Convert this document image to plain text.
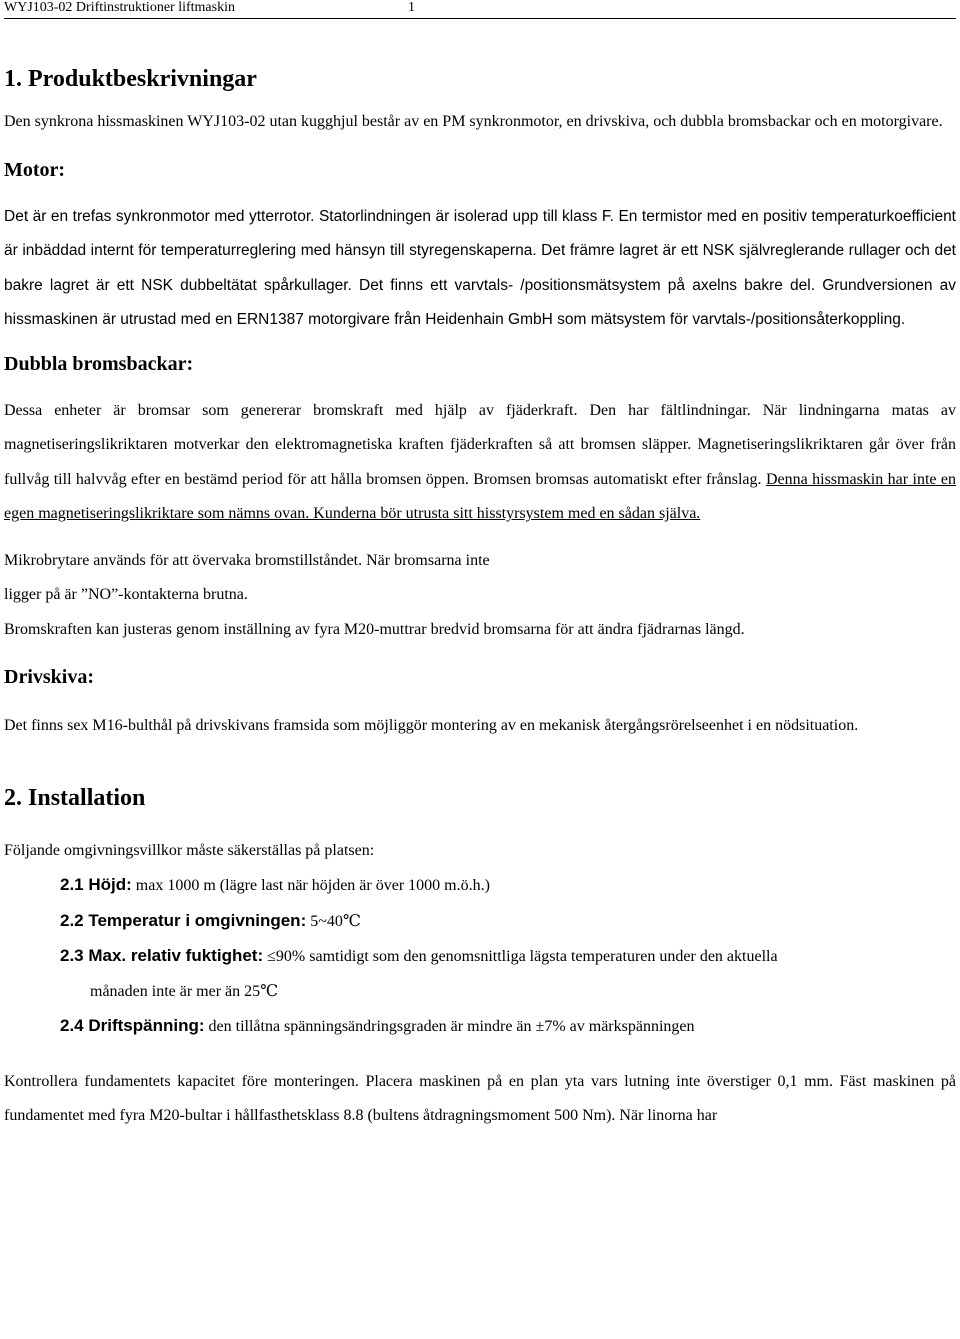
WYJ103-02 Driftinstruktioner liftmaskin	1
1. Produktbeskrivningar

Den synkrona hissmaskinen WYJ103-02 utan kugghjul består av en PM synkronmotor, en drivskiva, och dubbla bromsbackar och en motorgivare.

Motor:

Det är en trefas synkronmotor med ytterrotor. Statorlindningen är isolerad upp till klass F. En termistor med en positiv temperaturkoefficient är inbäddad internt för temperaturreglering med hänsyn till styregenskaperna. Det främre lagret är ett NSK självreglerande rullager och det bakre lagret är ett NSK dubbeltätat spårkullager. Det finns ett varvtals- /positionsmätsystem på axelns bakre del. Grundversionen av hissmaskinen är utrustad med en ERN1387 motorgivare från Heidenhain GmbH som mätsystem för varvtals-/positionsåterkoppling.

Dubbla bromsbackar:

Dessa enheter är bromsar som genererar bromskraft med hjälp av fjäderkraft. Den har fältlindningar. När lindningarna matas av magnetiseringslikriktaren motverkar den elektromagnetiska kraften fjäderkraften så att bromsen släpper. Magnetiseringslikriktaren går över från fullvåg till halvvåg efter en bestämd period för att hålla bromsen öppen. Bromsen bromsas automatiskt efter frånslag. Denna hissmaskin har inte en egen magnetiseringslikriktare som nämns ovan. Kunderna bör utrusta sitt hisstyrsystem med en sådan själva.

Mikrobrytare används för att övervaka bromstillståndet. När bromsarna inte

ligger på är ”NO”-kontakterna brutna.

Bromskraften kan justeras genom inställning av fyra M20-muttrar bredvid bromsarna för att ändra fjädrarnas längd.

Drivskiva:

Det finns sex M16-bulthål på drivskivans framsida som möjliggör montering av en mekanisk återgångsrörelseenhet i en nödsituation.

2. Installation

Följande omgivningsvillkor måste säkerställas på platsen:

2.1 Höjd: max 1000 m (lägre last när höjden är över 1000 m.ö.h.)
2.2 Temperatur i omgivningen: 5~40℃
2.3 Max. relativ fuktighet: ≤90% samtidigt som den genomsnittliga lägsta temperaturen under den aktuella
månaden inte är mer än 25℃
2.4 Driftspänning: den tillåtna spänningsändringsgraden är mindre än ±7% av märkspänningen

Kontrollera fundamentets kapacitet före monteringen. Placera maskinen på en plan yta vars lutning inte överstiger 0,1 mm. Fäst maskinen på fundamentet med fyra M20-bultar i hållfasthetsklass 8.8 (bultens åtdragningsmoment 500 Nm). När linorna har
